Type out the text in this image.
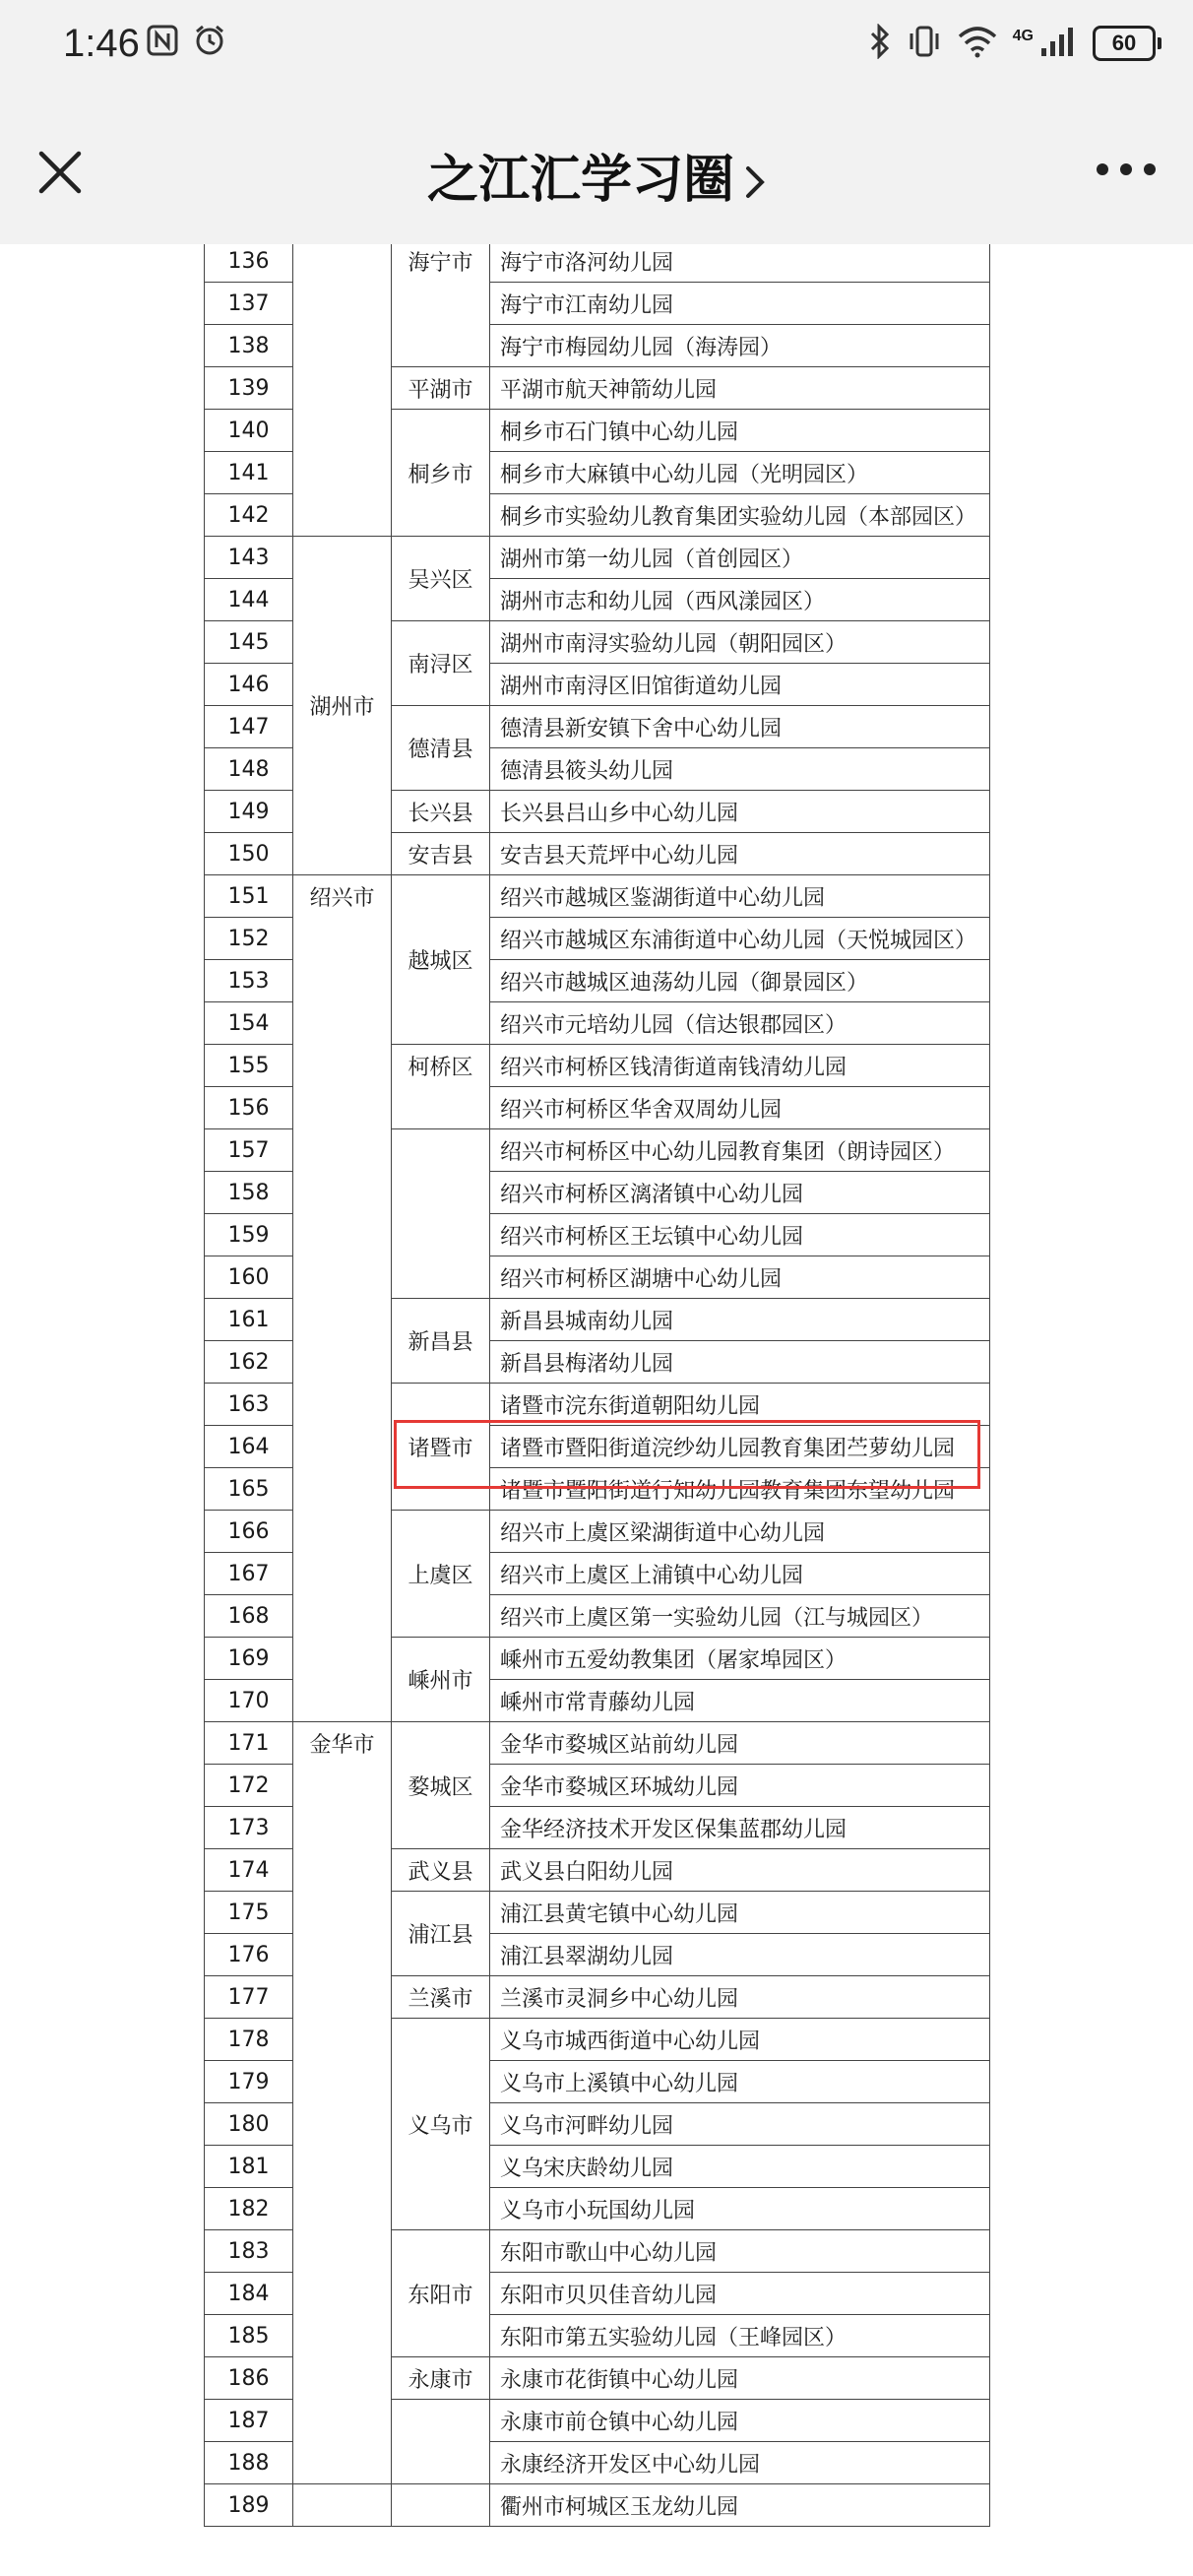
1:46	4G	60
之江汇学习圈
136		海宁市	海宁市洛河幼儿园
137			海宁市江南幼儿园
138			海宁市梅园幼儿园（海涛园）
139		平湖市	平湖市航天神箭幼儿园
140		桐乡市	桐乡市石门镇中心幼儿园
141			桐乡市大麻镇中心幼儿园（光明园区）
142			桐乡市实验幼儿教育集团实验幼儿园（本部园区）
143	湖州市	吴兴区	湖州市第一幼儿园（首创园区）
144			湖州市志和幼儿园（西风漾园区）
145		南浔区	湖州市南浔实验幼儿园（朝阳园区）
146			湖州市南浔区旧馆街道幼儿园
147		德清县	德清县新安镇下舍中心幼儿园
148			德清县筱头幼儿园
149		长兴县	长兴县吕山乡中心幼儿园
150		安吉县	安吉县天荒坪中心幼儿园
151	绍兴市	越城区	绍兴市越城区鉴湖街道中心幼儿园
152			绍兴市越城区东浦街道中心幼儿园（天悦城园区）
153			绍兴市越城区迪荡幼儿园（御景园区）
154			绍兴市元培幼儿园（信达银郡园区）
155		柯桥区	绍兴市柯桥区钱清街道南钱清幼儿园
156			绍兴市柯桥区华舍双周幼儿园
157			绍兴市柯桥区中心幼儿园教育集团（朗诗园区）
158			绍兴市柯桥区漓渚镇中心幼儿园
159			绍兴市柯桥区王坛镇中心幼儿园
160			绍兴市柯桥区湖塘中心幼儿园
161		新昌县	新昌县城南幼儿园
162			新昌县梅渚幼儿园
163		诸暨市	诸暨市浣东街道朝阳幼儿园
164			诸暨市暨阳街道浣纱幼儿园教育集团苎萝幼儿园
165			诸暨市暨阳街道行知幼儿园教育集团东望幼儿园
166		上虞区	绍兴市上虞区梁湖街道中心幼儿园
167			绍兴市上虞区上浦镇中心幼儿园
168			绍兴市上虞区第一实验幼儿园（江与城园区）
169		嵊州市	嵊州市五爱幼教集团（屠家埠园区）
170			嵊州市常青藤幼儿园
171	金华市	婺城区	金华市婺城区站前幼儿园
172			金华市婺城区环城幼儿园
173			金华经济技术开发区保集蓝郡幼儿园
174		武义县	武义县白阳幼儿园
175		浦江县	浦江县黄宅镇中心幼儿园
176			浦江县翠湖幼儿园
177		兰溪市	兰溪市灵洞乡中心幼儿园
178		义乌市	义乌市城西街道中心幼儿园
179			义乌市上溪镇中心幼儿园
180			义乌市河畔幼儿园
181			义乌宋庆龄幼儿园
182			义乌市小玩国幼儿园
183		东阳市	东阳市歌山中心幼儿园
184			东阳市贝贝佳音幼儿园
185			东阳市第五实验幼儿园（王峰园区）
186		永康市	永康市花街镇中心幼儿园
187			永康市前仓镇中心幼儿园
188			永康经济开发区中心幼儿园
189			衢州市柯城区玉龙幼儿园
